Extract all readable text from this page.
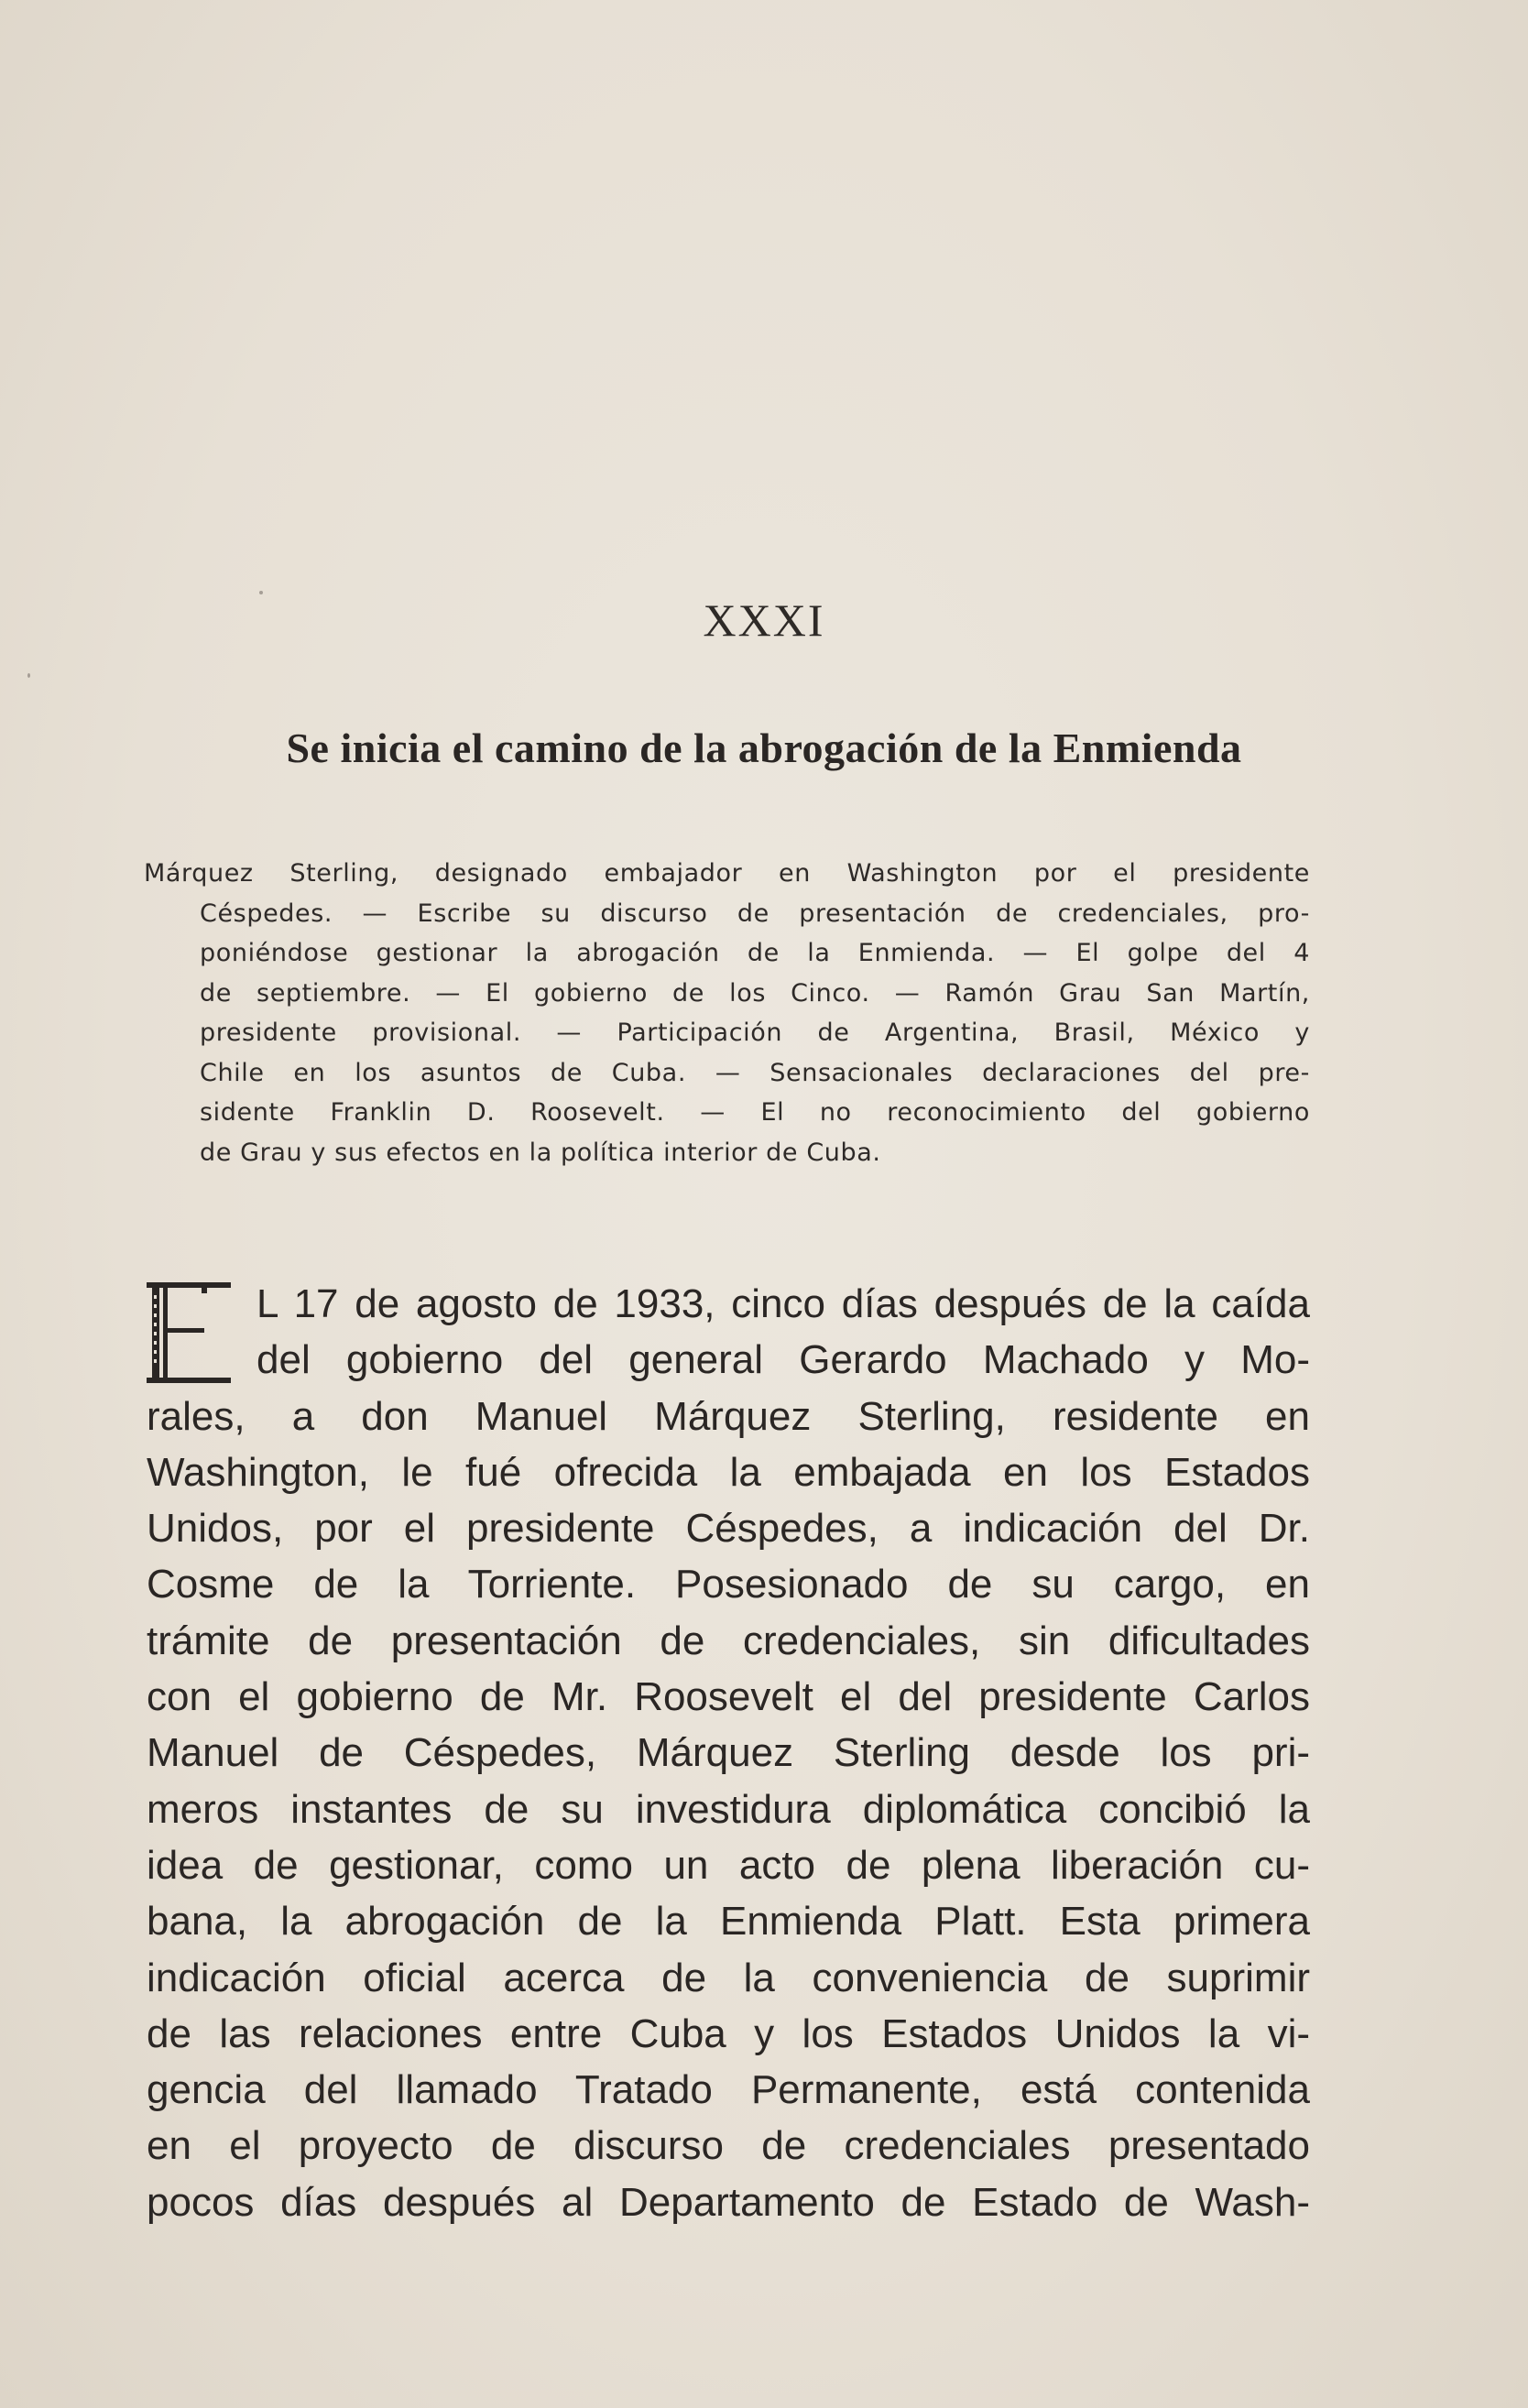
XXXI
Se inicia el camino de la abrogación de la Enmienda
Márquez Sterling, designado embajador en Washington por el presidente
Céspedes. — Escribe su discurso de presentación de credenciales, pro-
poniéndose gestionar la abrogación de la Enmienda. — El golpe del 4
de septiembre. — El gobierno de los Cinco. — Ramón Grau San Martín,
presidente provisional. — Participación de Argentina, Brasil, México y
Chile en los asuntos de Cuba. — Sensacionales declaraciones del pre-
sidente Franklin D. Roosevelt. — El no reconocimiento del gobierno
de Grau y sus efectos en la política interior de Cuba.
L 17 de agosto de 1933, cinco días después de la caída
del gobierno del general Gerardo Machado y Mo-
rales, a don Manuel Márquez Sterling, residente en
Washington, le fué ofrecida la embajada en los Estados
Unidos, por el presidente Céspedes, a indicación del Dr.
Cosme de la Torriente. Posesionado de su cargo, en
trámite de presentación de credenciales, sin dificultades
con el gobierno de Mr. Roosevelt el del presidente Carlos
Manuel de Céspedes, Márquez Sterling desde los pri-
meros instantes de su investidura diplomática concibió la
idea de gestionar, como un acto de plena liberación cu-
bana, la abrogación de la Enmienda Platt. Esta primera
indicación oficial acerca de la conveniencia de suprimir
de las relaciones entre Cuba y los Estados Unidos la vi-
gencia del llamado Tratado Permanente, está contenida
en el proyecto de discurso de credenciales presentado
pocos días después al Departamento de Estado de Wash-
